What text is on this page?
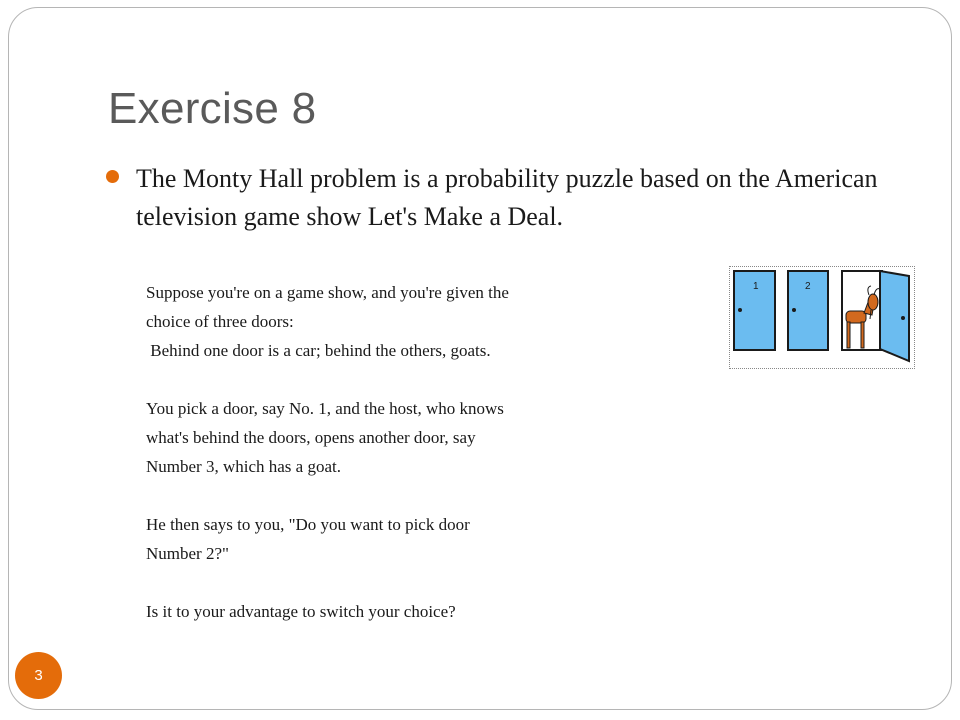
Exercise 8
The Monty Hall problem is a probability puzzle based on the American television game show Let's Make a Deal.

Suppose you're on a game show, and you're given the

choice of three doors:

Behind one door is a car; behind the others, goats.

You pick a door, say No. 1, and the host, who knows

what's behind the doors, opens another door, say

Number 3, which has a goat.

He then says to you, "Do you want to pick door

Number 2?"

Is it to your advantage to switch your choice?

1	2
3
